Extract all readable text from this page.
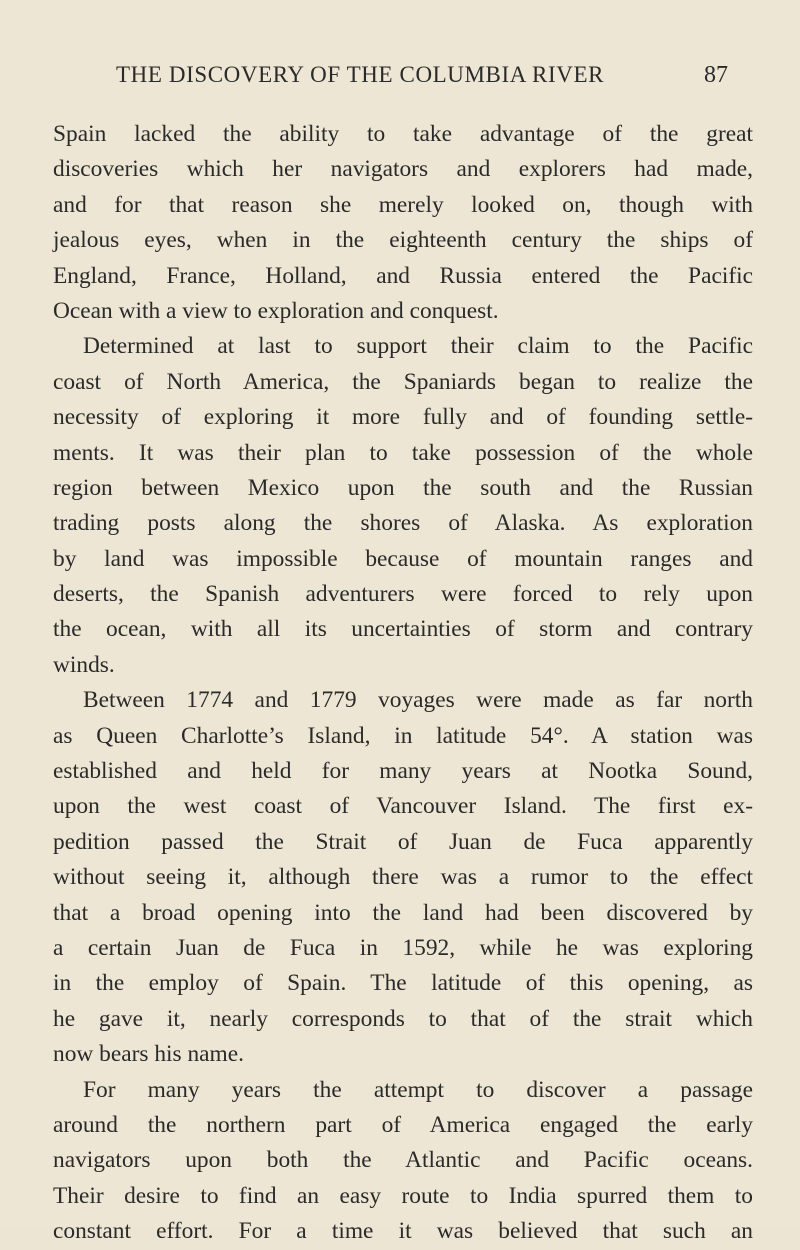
THE DISCOVERY OF THE COLUMBIA RIVER	87
Spain lacked the ability to take advantage of the great
discoveries which her navigators and explorers had made,
and for that reason she merely looked on, though with
jealous eyes, when in the eighteenth century the ships of
England, France, Holland, and Russia entered the Pacific
Ocean with a view to exploration and conquest.
Determined at last to support their claim to the Pacific
coast of North America, the Spaniards began to realize the
necessity of exploring it more fully and of founding settle-
ments. It was their plan to take possession of the whole
region between Mexico upon the south and the Russian
trading posts along the shores of Alaska. As exploration
by land was impossible because of mountain ranges and
deserts, the Spanish adventurers were forced to rely upon
the ocean, with all its uncertainties of storm and contrary
winds.
Between 1774 and 1779 voyages were made as far north
as Queen Charlotte’s Island, in latitude 54°. A station was
established and held for many years at Nootka Sound,
upon the west coast of Vancouver Island. The first ex-
pedition passed the Strait of Juan de Fuca apparently
without seeing it, although there was a rumor to the effect
that a broad opening into the land had been discovered by
a certain Juan de Fuca in 1592, while he was exploring
in the employ of Spain. The latitude of this opening, as
he gave it, nearly corresponds to that of the strait which
now bears his name.
For many years the attempt to discover a passage
around the northern part of America engaged the early
navigators upon both the Atlantic and Pacific oceans.
Their desire to find an easy route to India spurred them to
constant effort. For a time it was believed that such an
